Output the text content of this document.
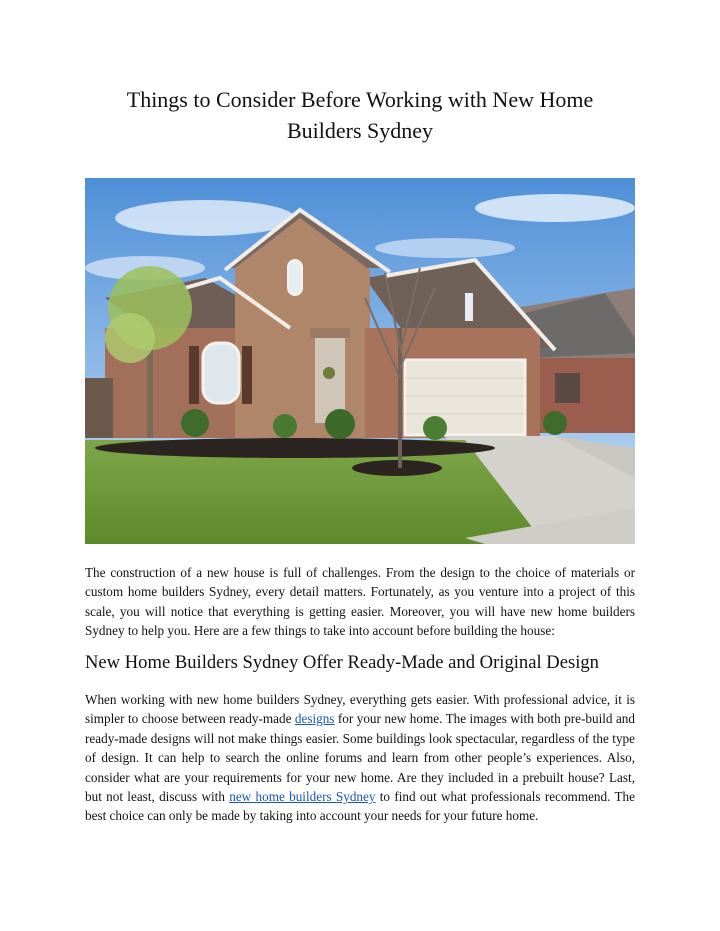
Things to Consider Before Working with New Home Builders Sydney

The construction of a new house is full of challenges. From the design to the choice of materials or custom home builders Sydney, every detail matters. Fortunately, as you venture into a project of this scale, you will notice that everything is getting easier. Moreover, you will have new home builders Sydney to help you. Here are a few things to take into account before building the house:

New Home Builders Sydney Offer Ready-Made and Original Design

When working with new home builders Sydney, everything gets easier. With professional advice, it is simpler to choose between ready-made designs for your new home. The images with both pre-build and ready-made designs will not make things easier. Some buildings look spectacular, regardless of the type of design. It can help to search the online forums and learn from other people’s experiences. Also, consider what are your requirements for your new home. Are they included in a prebuilt house? Last, but not least, discuss with new home builders Sydney to find out what professionals recommend. The best choice can only be made by taking into account your needs for your future home.
